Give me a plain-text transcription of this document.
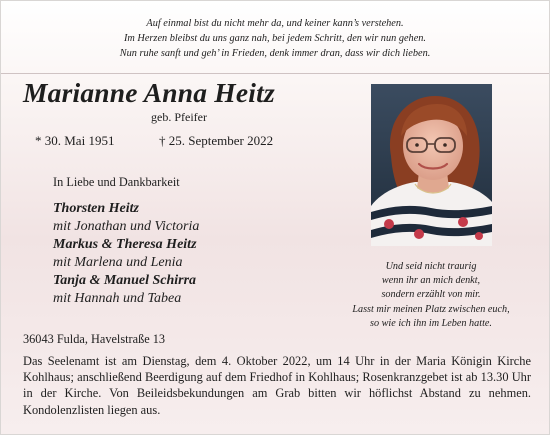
Auf einmal bist du nicht mehr da, und keiner kann’s verstehen.
Im Herzen bleibst du uns ganz nah, bei jedem Schritt, den wir nun gehen.
Nun ruhe sanft und geh’ in Frieden, denk immer dran, dass wir dich lieben.
Marianne Anna Heitz
geb. Pfeifer
* 30. Mai 1951	† 25. September 2022
In Liebe und Dankbarkeit
Thorsten Heitz
mit Jonathan und Victoria
Markus & Theresa Heitz
mit Marlena und Lenia
Tanja & Manuel Schirra
mit Hannah und Tabea
Und seid nicht traurig
wenn ihr an mich denkt,
sondern erzählt von mir.
Lasst mir meinen Platz zwischen euch,
so wie ich ihn im Leben hatte.
36043 Fulda, Havelstraße 13
Das Seelenamt ist am Dienstag, dem 4. Oktober 2022, um 14 Uhr in der Maria Königin Kirche Kohlhaus; anschließend Beerdigung auf dem Friedhof in Kohlhaus; Rosenkranzgebet ist ab 13.30 Uhr in der Kirche. Von Beileidsbekundungen am Grab bitten wir höflichst Abstand zu nehmen. Kondolenzlisten liegen aus.
